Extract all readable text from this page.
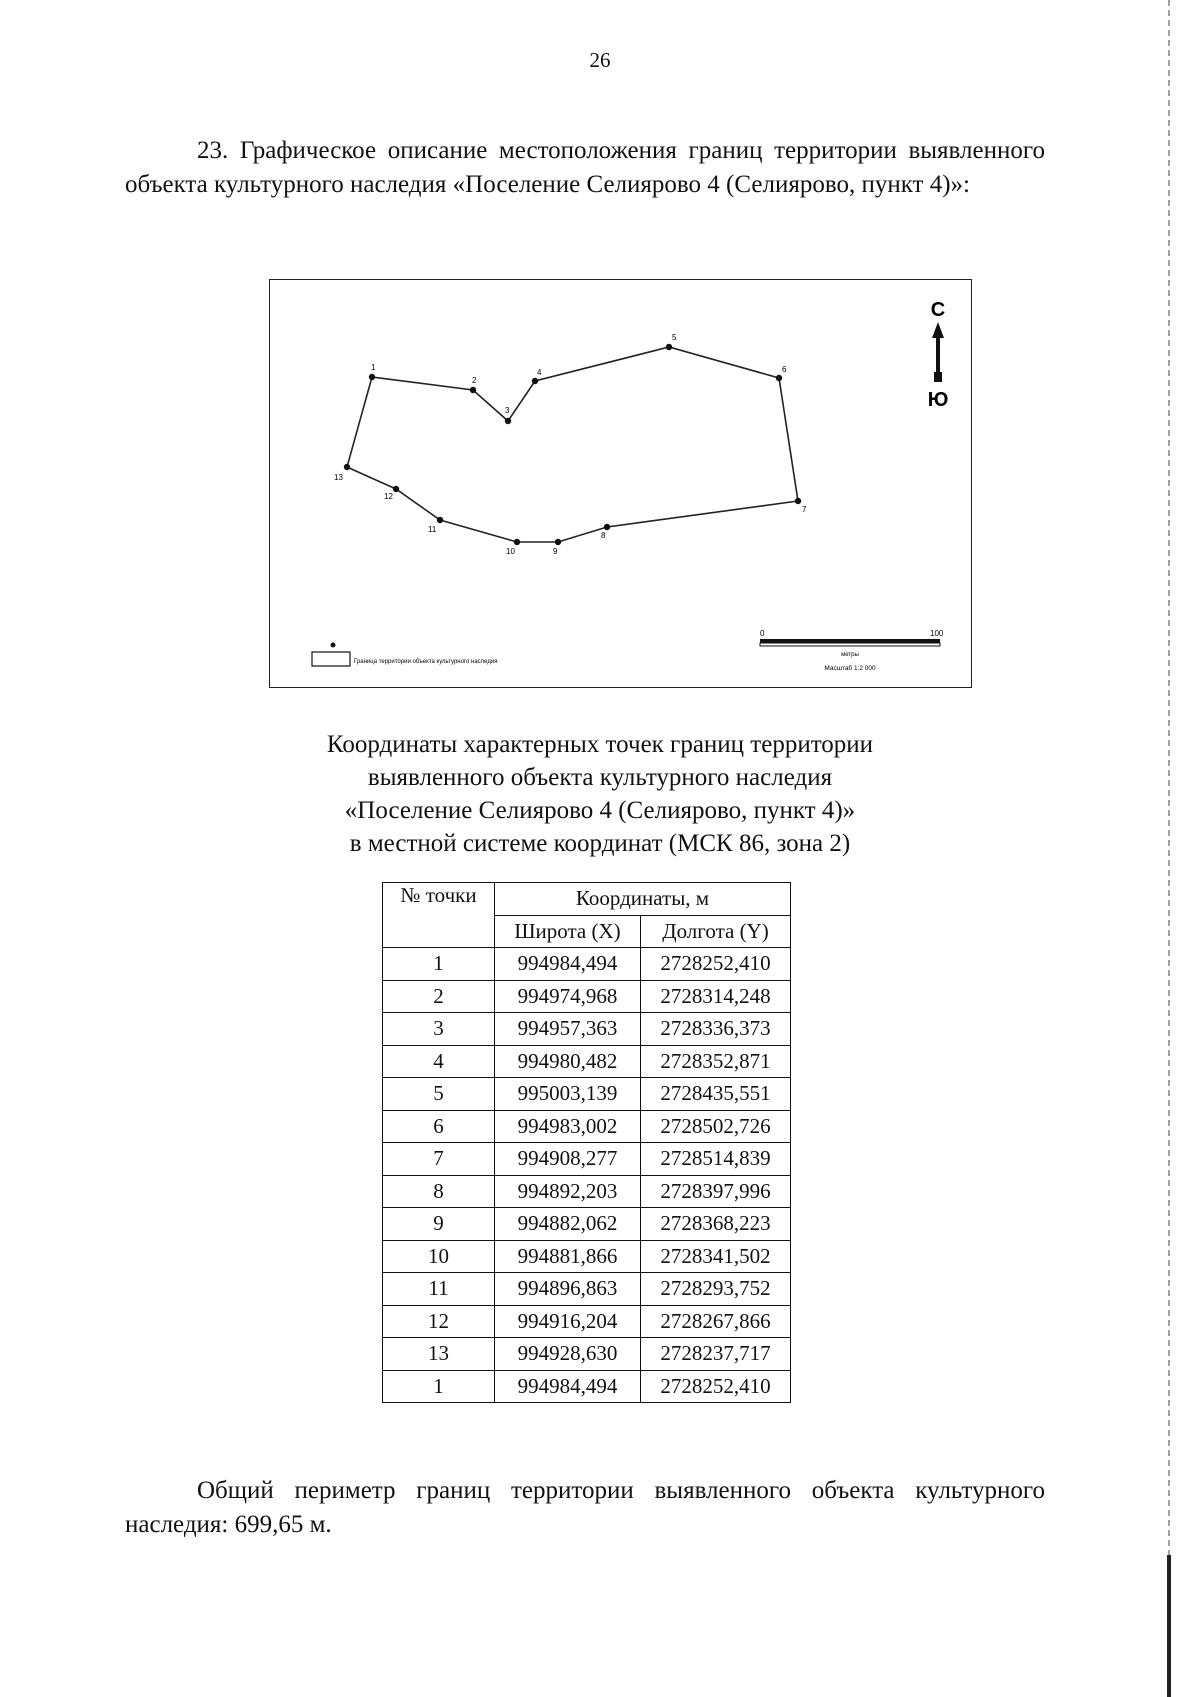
26

23. Графическое описание местоположения границ территории выявленного объекта культурного наследия «Поселение Селиярово 4 (Селиярово, пункт 4)»:

1
2
3
4
5
6
7
8
9
10
11
12
13
С
Ю
Граница территории объекта культурного наследия
0	100
метры
Масштаб 1:2 000
Координаты характерных точек границ территории
выявленного объекта культурного наследия
«Поселение Селиярово 4 (Селиярово, пункт 4)»
в местной системе координат (МСК 86, зона 2)
№ точки	Координаты, м	
	Широта (X)	Долгота (Y)
1	994984,494	2728252,410
2	994974,968	2728314,248
3	994957,363	2728336,373
4	994980,482	2728352,871
5	995003,139	2728435,551
6	994983,002	2728502,726
7	994908,277	2728514,839
8	994892,203	2728397,996
9	994882,062	2728368,223
10	994881,866	2728341,502
11	994896,863	2728293,752
12	994916,204	2728267,866
13	994928,630	2728237,717
1	994984,494	2728252,410

Общий периметр границ территории выявленного объекта культурного наследия: 699,65 м.
